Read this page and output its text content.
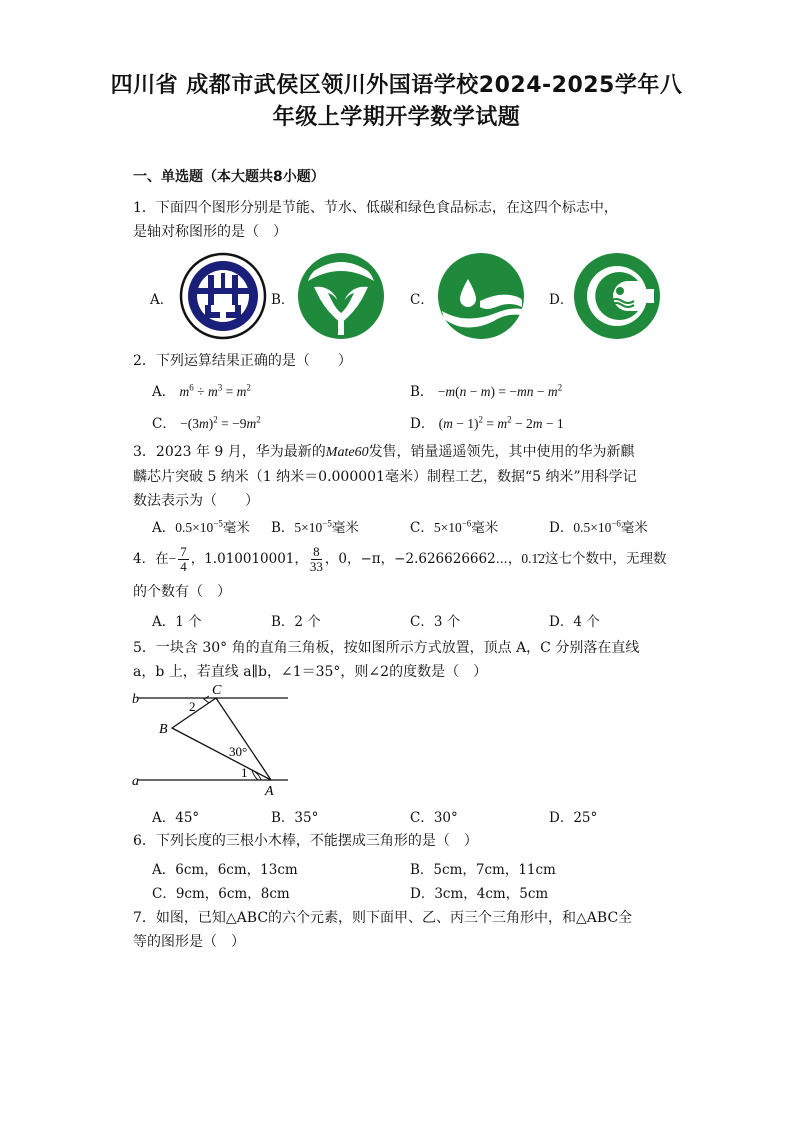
四川省 成都市武侯区领川外国语学校2024-2025学年八
年级上学期开学数学试题
一、单选题（本大题共8小题）
1．下面四个图形分别是节能、节水、低碳和绿色食品标志，在这四个标志中，
是轴对称图形的是（　）
A．	B．	C．	D．
2．下列运算结果正确的是（　　）
A． $m^6 \div m^3 = m^2$	B． $-m(n - m) = -mn - m^2$
C． $-(3m)^2 = -9m^2$	D． $(m - 1)^2 = m^2 - 2m - 1$
3．2023 年 9 月，华为最新的Mate60发售，销量遥遥领先，其中使用的华为新麒
麟芯片突破 5 纳米（1 纳米＝0.000001毫米）制程工艺，数据“5 纳米”用科学记
数法表示为（　　）
A．$0.5\times 10^{-5}$毫米 B．$5\times 10^{-5}$毫米	C．$5\times 10^{-6}$毫米	D．$0.5\times 10^{-6}$毫米
4．在− $\frac{7}{4}$ ，1.010010001， $\frac{8}{33}$ ，0，−π，−2.626626662⋯，0.1̇2̇这七个数中，无理数
的个数有（　）
A．1 个	B．2 个	C．3 个	D．4 个
5．一块含 30° 角的直角三角板，按如图所示方式放置，顶点 A，C 分别落在直线
a，b 上，若直线 a∥b，∠1＝35°，则∠2的度数是（　）
b
a
C
B
A
2
30°
1
A．45°	B．35°	C．30°	D．25°
6．下列长度的三根小木棒，不能摆成三角形的是（　）
A．6cm，6cm，13cm	B．5cm，7cm，11cm
C．9cm，6cm，8cm	D．3cm，4cm，5cm
7．如图，已知△ABC的六个元素，则下面甲、乙、丙三个三角形中，和△ABC全
等的图形是（　）
